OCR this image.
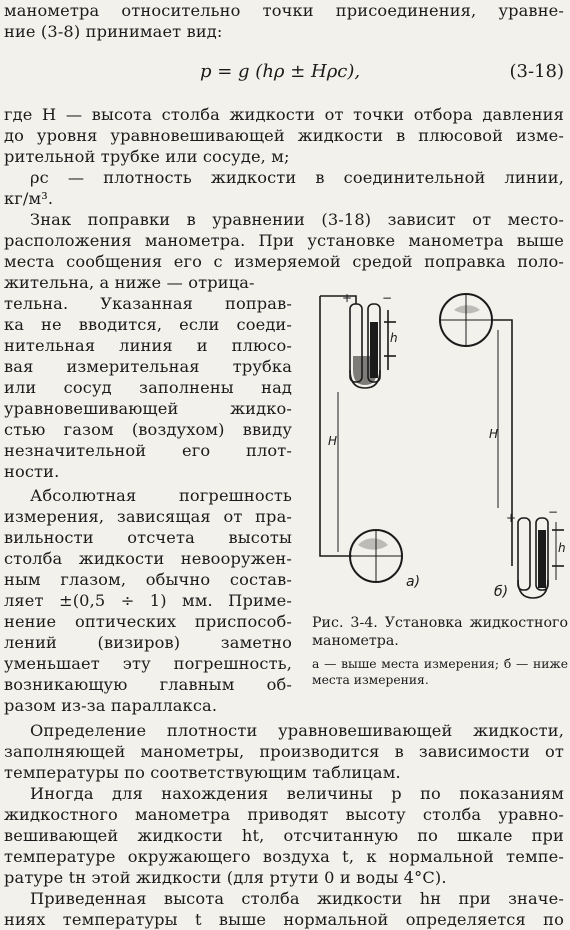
манометра относительно точки присоединения, уравне-
ние (3-8) принимает вид:
p = g (hρ ± Hρс),	(3-18)
где H — высота столба жидкости от точки отбора давления
до уровня уравновешивающей жидкости в плюсовой изме-
рительной трубке или сосуде, м;
ρс — плотность жидкости в соединительной линии,
кг/м³.
Знак поправки в уравнении (3-18) зависит от место-
расположения манометра. При установке манометра выше
места сообщения его с измеряемой средой поправка поло-
жительна, а ниже — отрица-
тельна. Указанная поправ-
ка не вводится, если соеди-
нительная линия и плюсо-
вая измерительная трубка
или сосуд заполнены над
уравновешивающей жидко-
стью газом (воздухом) ввиду
незначительной его плот-
ности.
Абсолютная погрешность
измерения, зависящая от пра-
вильности отсчета высоты
столба жидкости невооружен-
ным глазом, обычно состав-
ляет ±(0,5 ÷ 1) мм. Приме-
нение оптических приспособ-
лений (визиров) заметно
уменьшает эту погрешность,
возникающую главным об-
разом из-за параллакса.
H
h
+ −
а)
H
h
+	−
б)
Рис. 3-4. Установка жидкостного манометра.
а — выше места измерения; б — ниже места измерения.
Определение плотности уравновешивающей жидкости,
заполняющей манометры, производится в зависимости от
температуры по соответствующим таблицам.
Иногда для нахождения величины p по показаниям
жидкостного манометра приводят высоту столба уравно-
вешивающей жидкости ht, отсчитанную по шкале при
температуре окружающего воздуха t, к нормальной темпе-
ратуре tн этой жидкости (для ртути 0 и воды 4°C).
Приведенная высота столба жидкости hн при значе-
ниях температуры t выше нормальной определяется по
